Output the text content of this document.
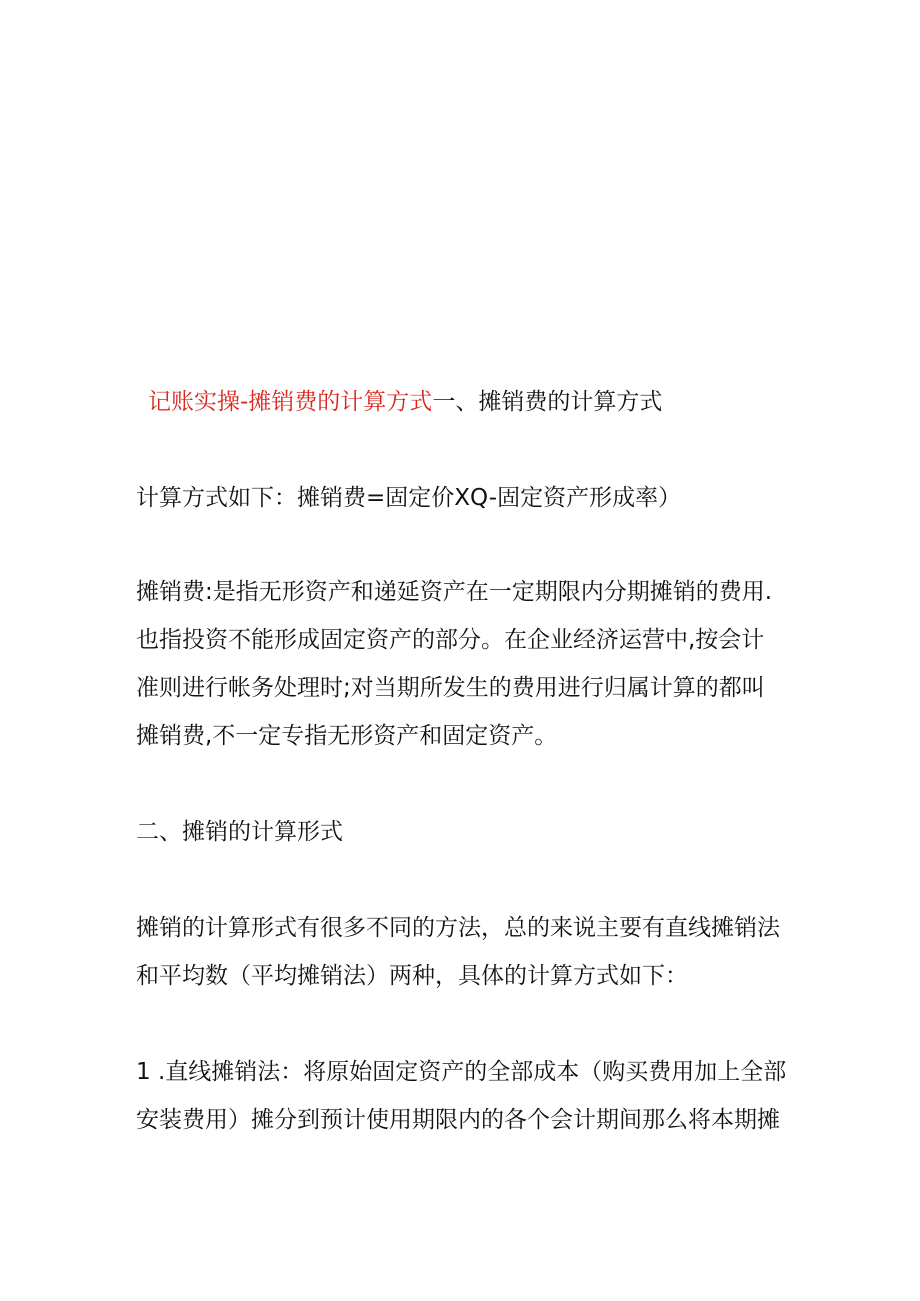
记账实操-摊销费的计算方式一、摊销费的计算方式
计算方式如下：摊销费=固定价XQ-固定资产形成率）
摊销费:是指无形资产和递延资产在一定期限内分期摊销的费用.
也指投资不能形成固定资产的部分。在企业经济运营中,按会计
准则进行帐务处理时;对当期所发生的费用进行归属计算的都叫
摊销费,不一定专指无形资产和固定资产。
二、摊销的计算形式
摊销的计算形式有很多不同的方法，总的来说主要有直线摊销法
和平均数（平均摊销法）两种，具体的计算方式如下：
1 .直线摊销法：将原始固定资产的全部成本（购买费用加上全部
安装费用）摊分到预计使用期限内的各个会计期间那么将本期摊
